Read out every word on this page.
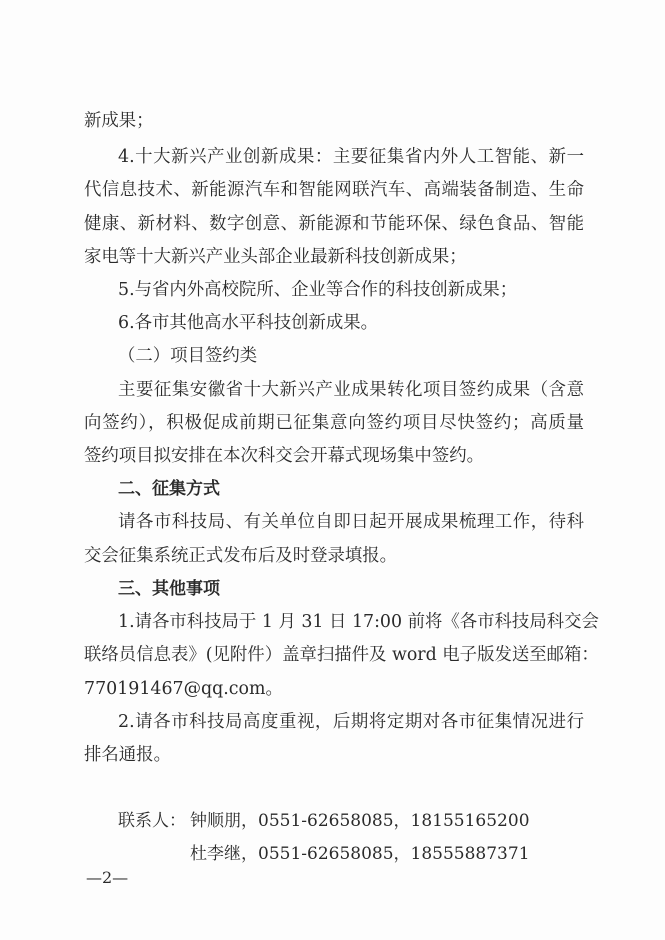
新成果；
4.十大新兴产业创新成果：主要征集省内外人工智能、新一
代信息技术、新能源汽车和智能网联汽车、高端装备制造、生命
健康、新材料、数字创意、新能源和节能环保、绿色食品、智能
家电等十大新兴产业头部企业最新科技创新成果；
5.与省内外高校院所、企业等合作的科技创新成果；
6.各市其他高水平科技创新成果。
（二）项目签约类
主要征集安徽省十大新兴产业成果转化项目签约成果（含意
向签约），积极促成前期已征集意向签约项目尽快签约；高质量
签约项目拟安排在本次科交会开幕式现场集中签约。
二、征集方式
请各市科技局、有关单位自即日起开展成果梳理工作，待科
交会征集系统正式发布后及时登录填报。
三、其他事项
1.请各市科技局于 1 月 31 日 17:00 前将《各市科技局科交会
联络员信息表》(见附件）盖章扫描件及 word 电子版发送至邮箱：
770191467@qq.com。
2.请各市科技局高度重视，后期将定期对各市征集情况进行
排名通报。
联系人： 钟顺朋，0551-62658085，18155165200
杜李继，0551-62658085，18555887371
—2—
